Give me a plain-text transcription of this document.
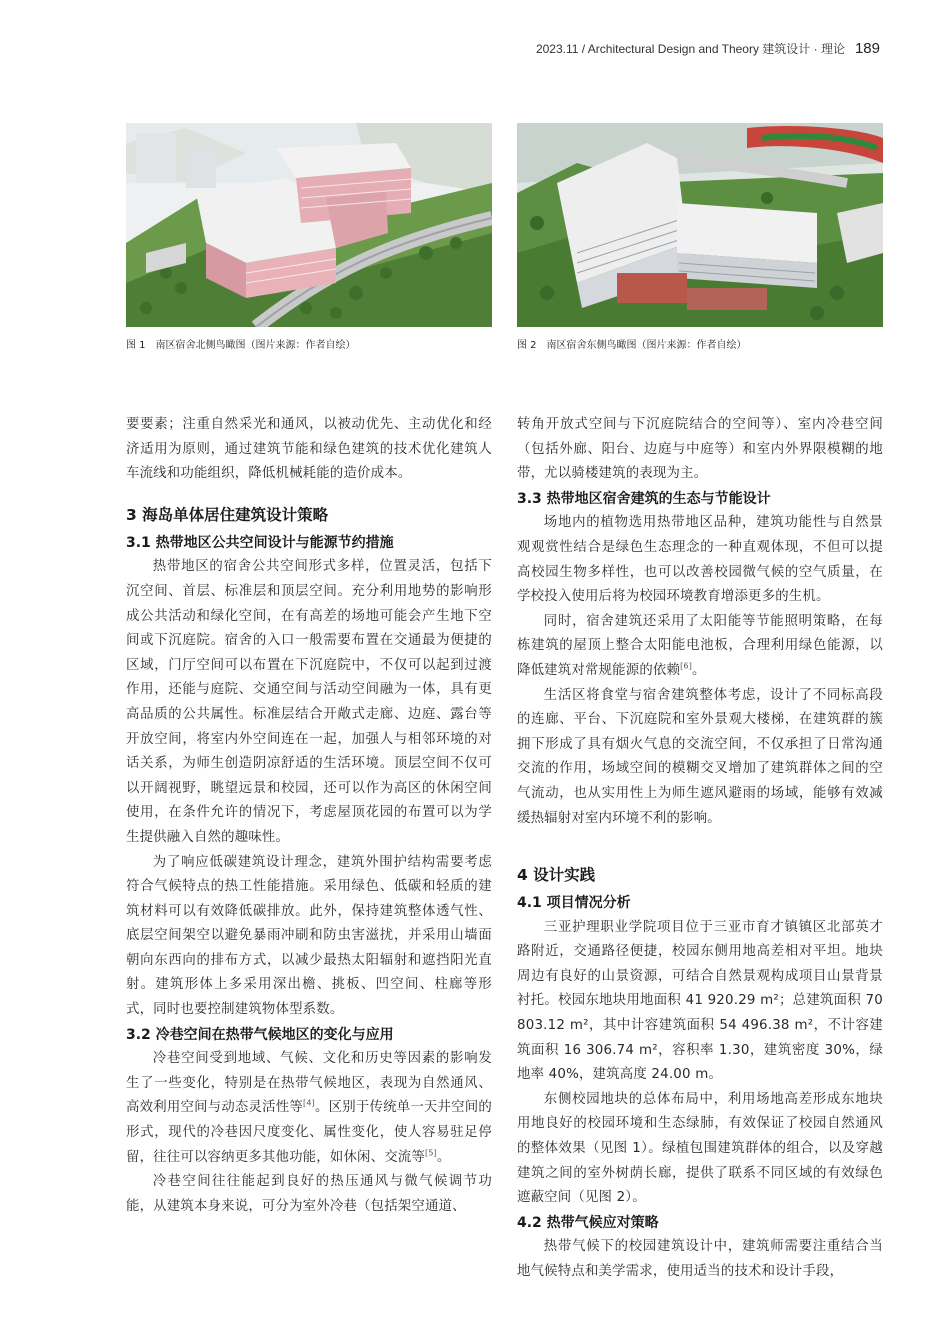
2023.11 / Architectural Design and Theory 建筑设计 · 理论 189
图 1 南区宿舍北侧鸟瞰图（图片来源：作者自绘）	图 2 南区宿舍东侧鸟瞰图（图片来源：作者自绘）

要要素；注重自然采光和通风，以被动优先、主动优化和经济适用为原则，通过建筑节能和绿色建筑的技术优化建筑人车流线和功能组织，降低机械耗能的造价成本。

3 海岛单体居住建筑设计策略
3.1 热带地区公共空间设计与能源节约措施

热带地区的宿舍公共空间形式多样，位置灵活，包括下沉空间、首层、标准层和顶层空间。充分利用地势的影响形成公共活动和绿化空间，在有高差的场地可能会产生地下空间或下沉庭院。宿舍的入口一般需要布置在交通最为便捷的区域，门厅空间可以布置在下沉庭院中，不仅可以起到过渡作用，还能与庭院、交通空间与活动空间融为一体，具有更高品质的公共属性。标准层结合开敞式走廊、边庭、露台等开放空间，将室内外空间连在一起，加强人与相邻环境的对话关系，为师生创造阴凉舒适的生活环境。顶层空间不仅可以开阔视野，眺望远景和校园，还可以作为高区的休闲空间使用，在条件允许的情况下，考虑屋顶花园的布置可以为学生提供融入自然的趣味性。

为了响应低碳建筑设计理念，建筑外围护结构需要考虑符合气候特点的热工性能措施。采用绿色、低碳和轻质的建筑材料可以有效降低碳排放。此外，保持建筑整体透气性、底层空间架空以避免暴雨冲刷和防虫害滋扰，并采用山墙面朝向东西向的排布方式，以减少最热太阳辐射和遮挡阳光直射。建筑形体上多采用深出檐、挑板、凹空间、柱廊等形式，同时也要控制建筑物体型系数。

3.2 冷巷空间在热带气候地区的变化与应用

冷巷空间受到地域、气候、文化和历史等因素的影响发生了一些变化，特别是在热带气候地区，表现为自然通风、高效利用空间与动态灵活性等[4]。区别于传统单一天井空间的形式，现代的冷巷因尺度变化、属性变化，使人容易驻足停留，往往可以容纳更多其他功能，如休闲、交流等[5]。

冷巷空间往往能起到良好的热压通风与微气候调节功能，从建筑本身来说，可分为室外冷巷（包括架空通道、

转角开放式空间与下沉庭院结合的空间等）、室内冷巷空间（包括外廊、阳台、边庭与中庭等）和室内外界限模糊的地带，尤以骑楼建筑的表现为主。

3.3 热带地区宿舍建筑的生态与节能设计

场地内的植物选用热带地区品种，建筑功能性与自然景观观赏性结合是绿色生态理念的一种直观体现，不但可以提高校园生物多样性，也可以改善校园微气候的空气质量，在学校投入使用后将为校园环境教育增添更多的生机。

同时，宿舍建筑还采用了太阳能等节能照明策略，在每栋建筑的屋顶上整合太阳能电池板，合理利用绿色能源，以降低建筑对常规能源的依赖[6]。

生活区将食堂与宿舍建筑整体考虑，设计了不同标高段的连廊、平台、下沉庭院和室外景观大楼梯，在建筑群的簇拥下形成了具有烟火气息的交流空间，不仅承担了日常沟通交流的作用，场域空间的模糊交叉增加了建筑群体之间的空气流动，也从实用性上为师生遮风避雨的场域，能够有效减缓热辐射对室内环境不利的影响。

4 设计实践
4.1 项目情况分析

三亚护理职业学院项目位于三亚市育才镇镇区北部英才路附近，交通路径便捷，校园东侧用地高差相对平坦。地块周边有良好的山景资源，可结合自然景观构成项目山景背景衬托。校园东地块用地面积 41 920.29 m²；总建筑面积 70 803.12 m²，其中计容建筑面积 54 496.38 m²，不计容建筑面积 16 306.74 m²，容积率 1.30，建筑密度 30%，绿地率 40%，建筑高度 24.00 m。

东侧校园地块的总体布局中，利用场地高差形成东地块用地良好的校园环境和生态绿肺，有效保证了校园自然通风的整体效果（见图 1）。绿植包围建筑群体的组合，以及穿越建筑之间的室外树荫长廊，提供了联系不同区域的有效绿色遮蔽空间（见图 2）。

4.2 热带气候应对策略

热带气候下的校园建筑设计中，建筑师需要注重结合当地气候特点和美学需求，使用适当的技术和设计手段，
